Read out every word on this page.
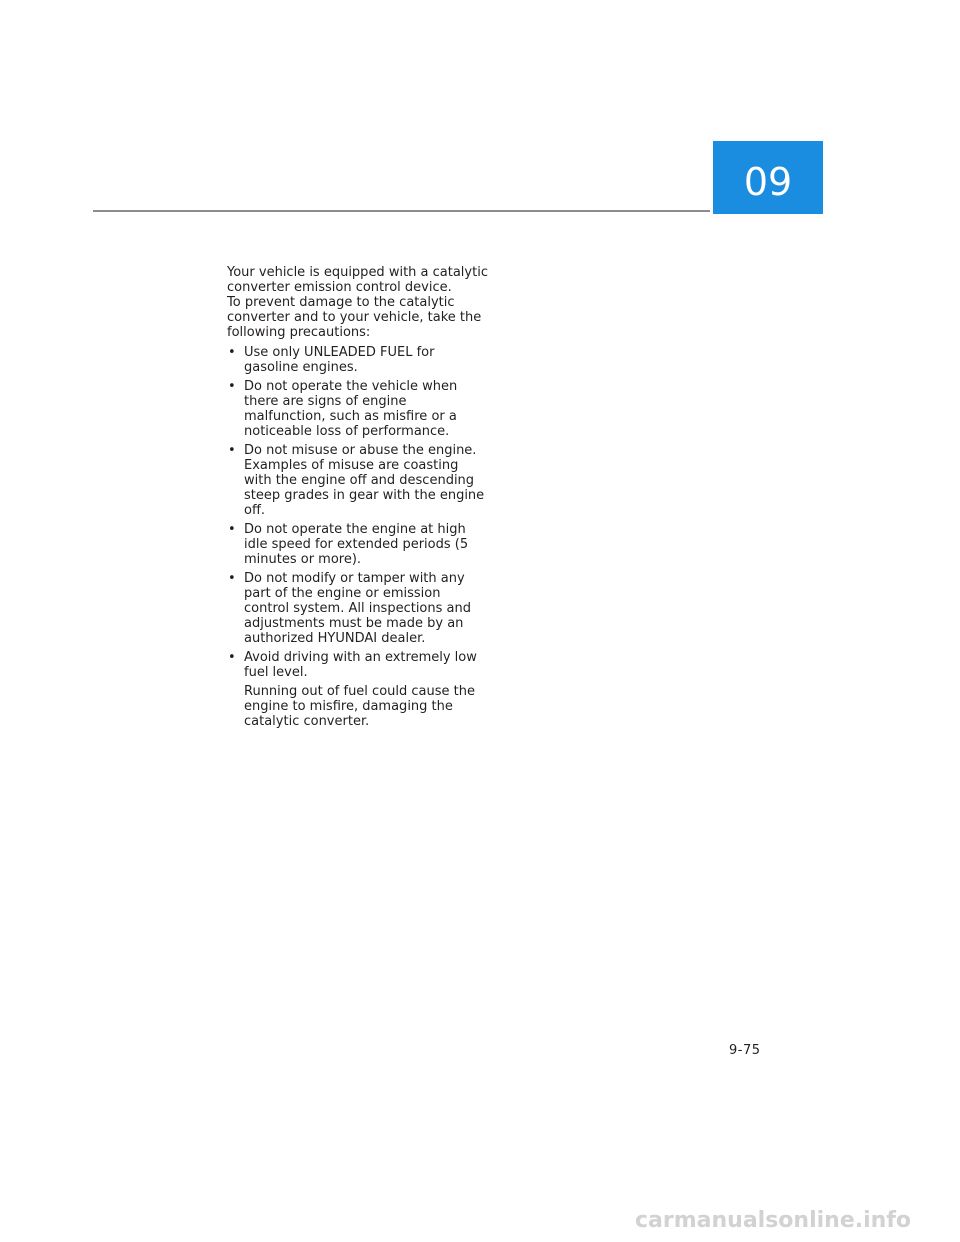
09

Your vehicle is equipped with a catalytic converter emission control device.

To prevent damage to the catalytic converter and to your vehicle, take the following precautions:

• Use only UNLEADED FUEL for gasoline engines.
• Do not operate the vehicle when there are signs of engine malfunction, such as misfire or a noticeable loss of performance.
• Do not misuse or abuse the engine. Examples of misuse are coasting with the engine off and descending steep grades in gear with the engine off.
• Do not operate the engine at high idle speed for extended periods (5 minutes or more).
• Do not modify or tamper with any part of the engine or emission control system. All inspections and adjustments must be made by an authorized HYUNDAI dealer.
• Avoid driving with an extremely low fuel level.
Running out of fuel could cause the engine to misfire, damaging the catalytic converter.
9-75
carmanualsonline.info
